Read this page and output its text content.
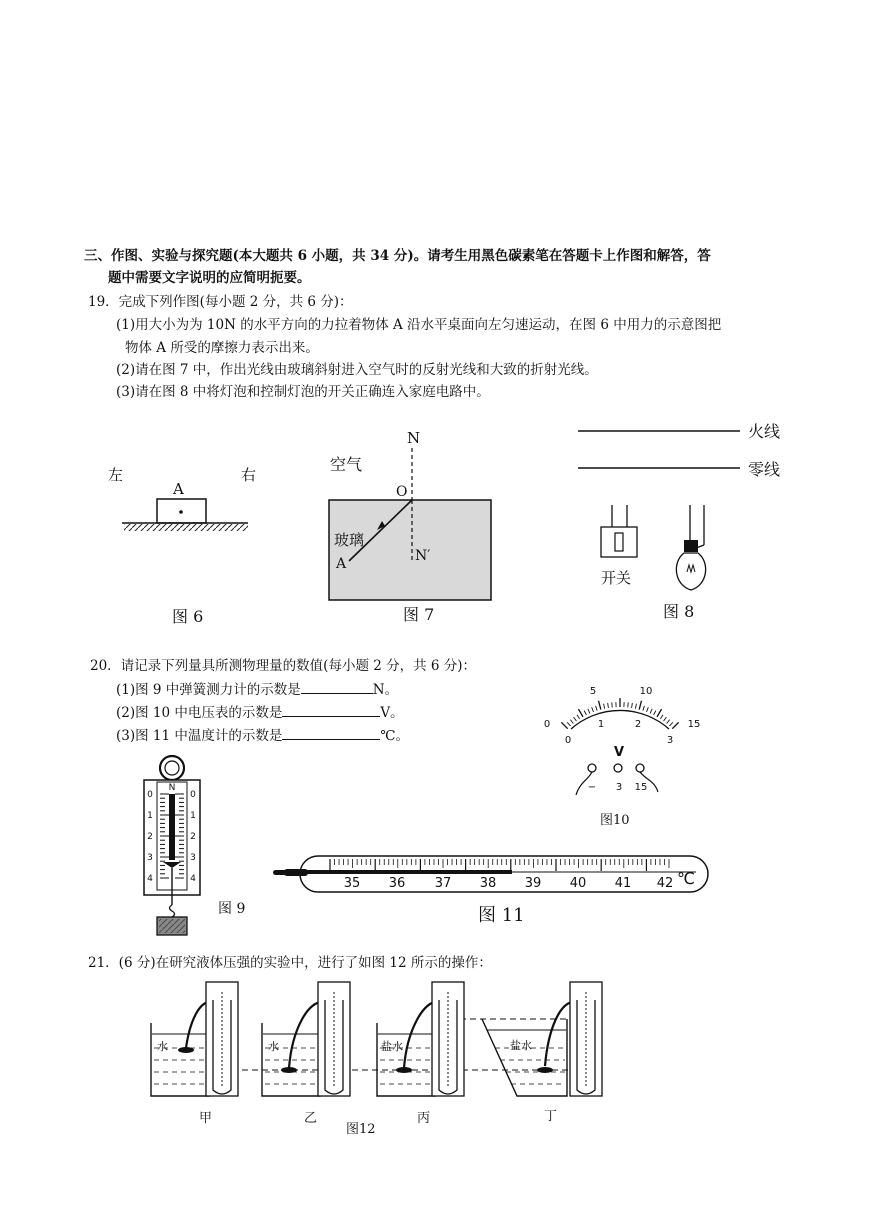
三、作图、实验与探究题(本大题共 6 小题，共 34 分)。请考生用黑色碳素笔在答题卡上作图和解答，答
题中需要文字说明的应简明扼要。
19．完成下列作图(每小题 2 分，共 6 分)：
(1)用大小为为 10N 的水平方向的力拉着物体 A 沿水平桌面向左匀速运动，在图 6 中用力的示意图把
物体 A 所受的摩擦力表示出来。
(2)请在图 7 中，作出光线由玻璃斜射进入空气时的反射光线和大致的折射光线。
(3)请在图 8 中将灯泡和控制灯泡的开关正确连入家庭电路中。
20．请记录下列量具所测物理量的数值(每小题 2 分，共 6 分)：
(1)图 9 中弹簧测力计的示数是	N。
(2)图 10 中电压表的示数是	V。
(3)图 11 中温度计的示数是	℃。
21．(6 分)在研究液体压强的实验中，进行了如图 12 所示的操作：
左	右
A
图 6
空气
N
O
N′
玻璃
A
图 7
火线
零线
开关
图 8
N
0
1
2
3
4
0
1
2
3
4
图 9
0
5	10
15
0
1	2
3
V
− 3 15
图10
35 36 37 38 39 40 41 42 ℃
图 11
水
甲
水
乙
盐水
丙
盐水
丁
图12
